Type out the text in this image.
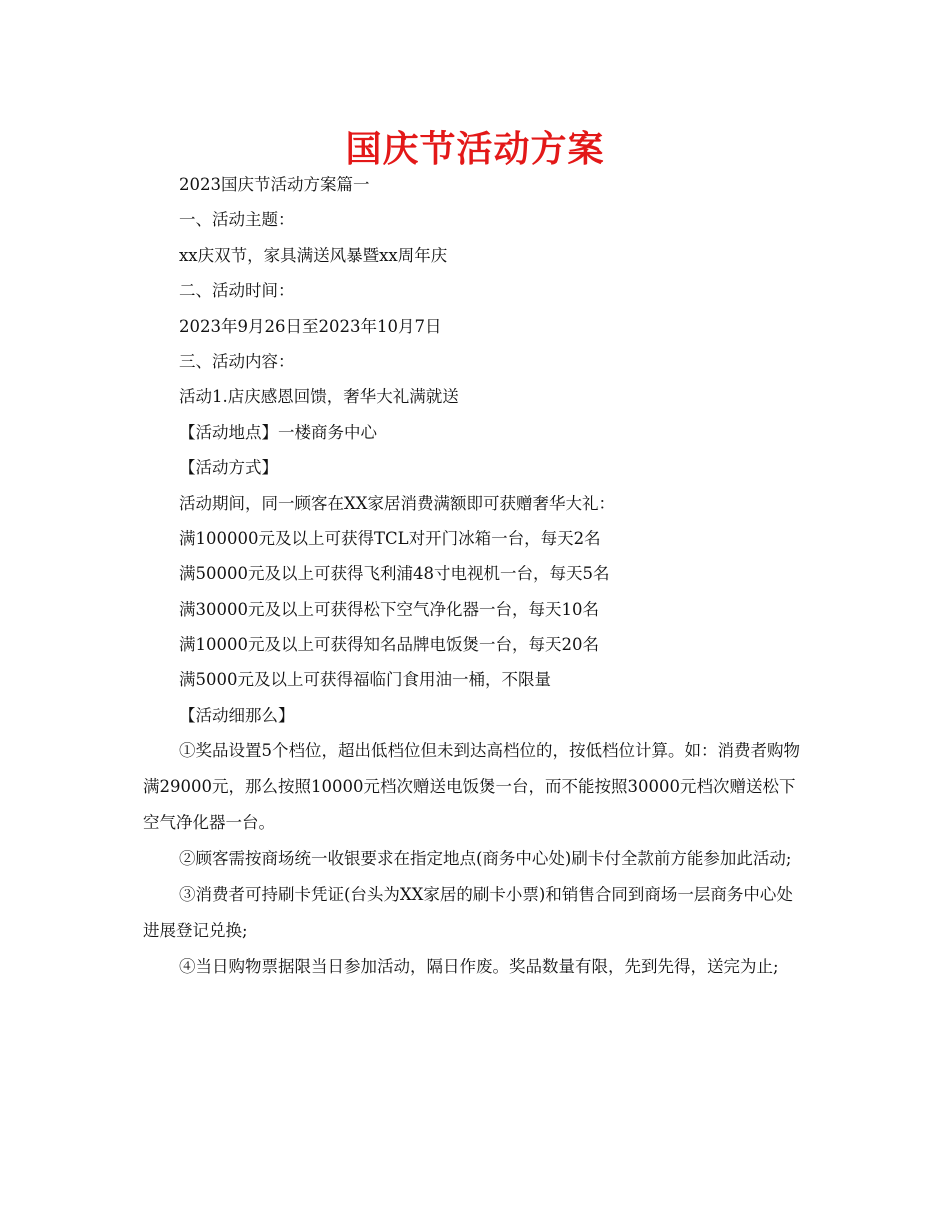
国庆节活动方案

2023国庆节活动方案篇一

一、活动主题：

xx庆双节，家具满送风暴暨xx周年庆

二、活动时间：

2023年9月26日至2023年10月7日

三、活动内容：

活动1.店庆感恩回馈，奢华大礼满就送

【活动地点】一楼商务中心

【活动方式】

活动期间，同一顾客在XX家居消费满额即可获赠奢华大礼：

满100000元及以上可获得TCL对开门冰箱一台，每天2名

满50000元及以上可获得飞利浦48寸电视机一台，每天5名

满30000元及以上可获得松下空气净化器一台，每天10名

满10000元及以上可获得知名品牌电饭煲一台，每天20名

满5000元及以上可获得福临门食用油一桶，不限量

【活动细那么】

①奖品设置5个档位，超出低档位但未到达高档位的，按低档位计算。如：消费者购物满29000元，那么按照10000元档次赠送电饭煲一台，而不能按照30000元档次赠送松下空气净化器一台。

②顾客需按商场统一收银要求在指定地点(商务中心处)刷卡付全款前方能参加此活动;

③消费者可持刷卡凭证(台头为XX家居的刷卡小票)和销售合同到商场一层商务中心处进展登记兑换;

④当日购物票据限当日参加活动，隔日作废。奖品数量有限，先到先得，送完为止;
